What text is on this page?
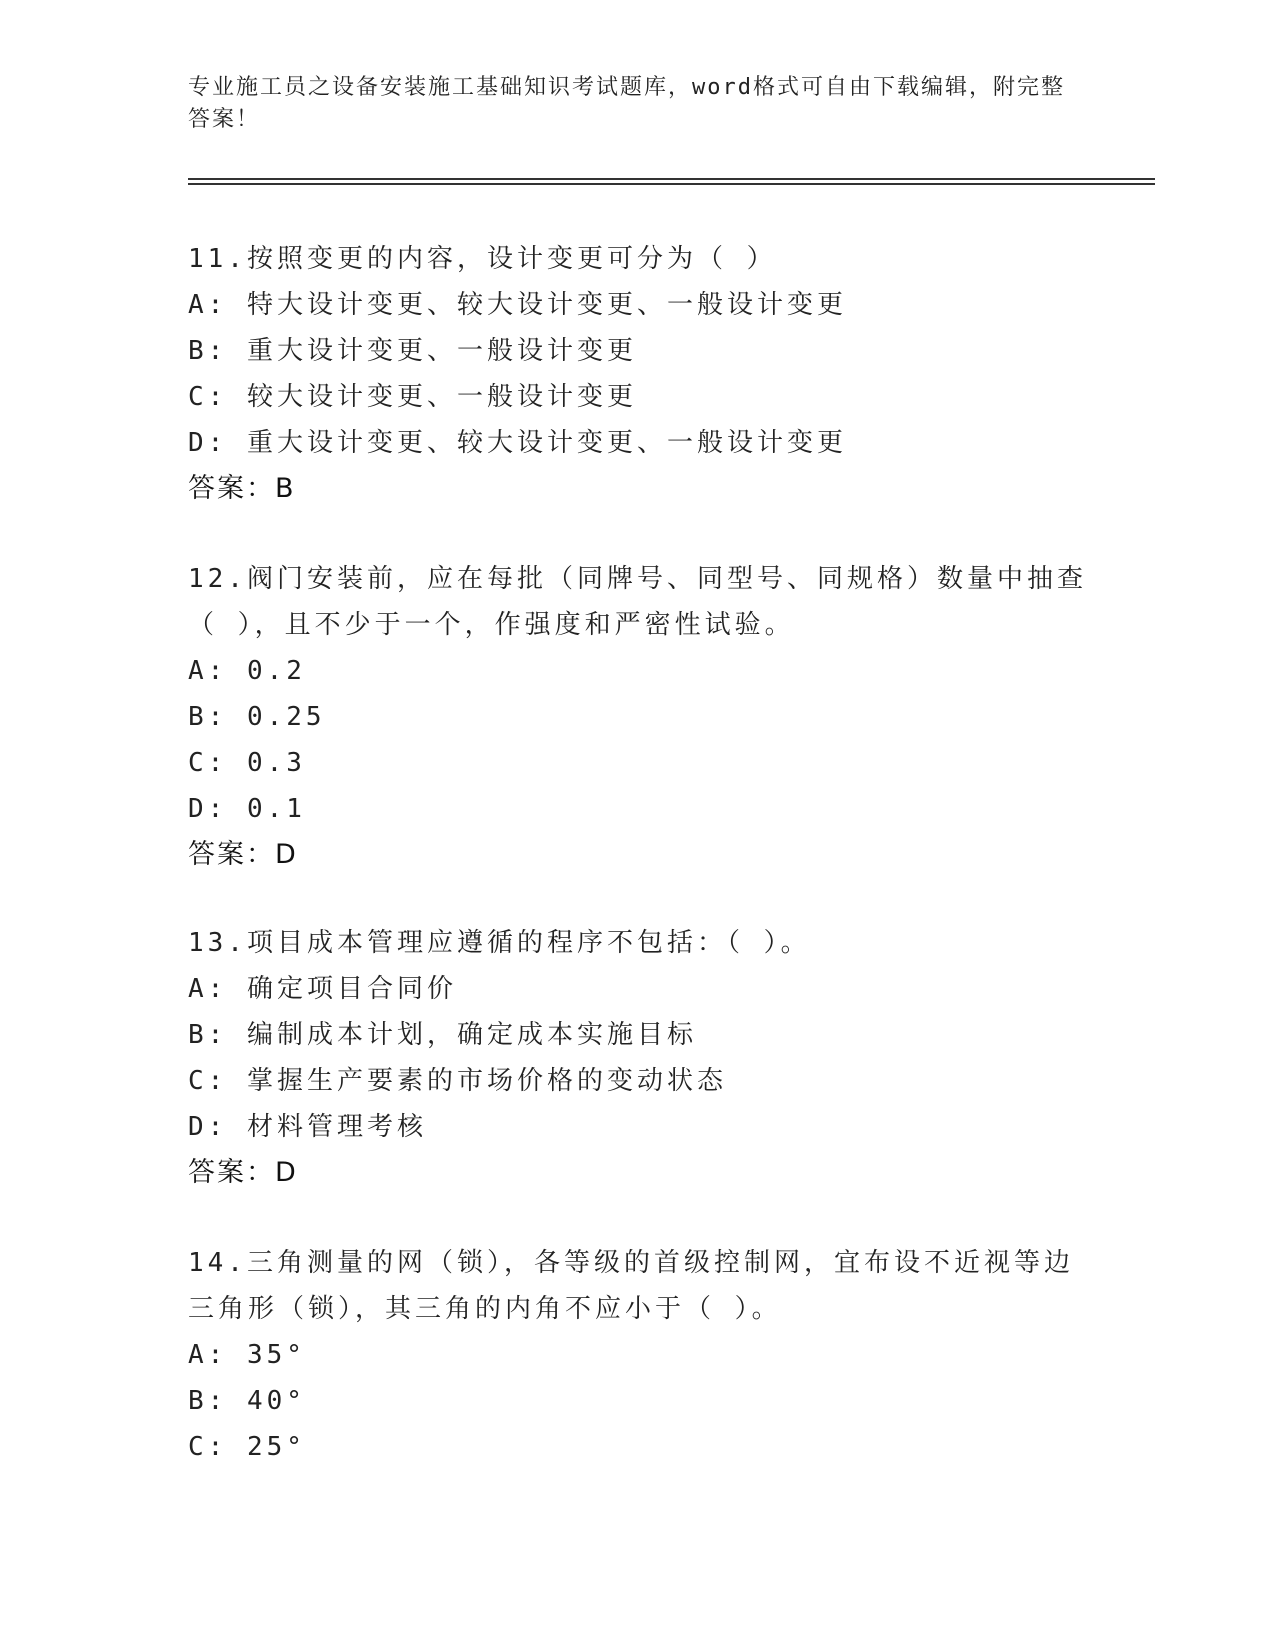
专业施工员之设备安装施工基础知识考试题库，word格式可自由下载编辑，附完整答案！

11.按照变更的内容，设计变更可分为（ ）

A: 特大设计变更、较大设计变更、一般设计变更

B: 重大设计变更、一般设计变更

C: 较大设计变更、一般设计变更

D: 重大设计变更、较大设计变更、一般设计变更

答案：B

12.阀门安装前，应在每批（同牌号、同型号、同规格）数量中抽查（ ），且不少于一个，作强度和严密性试验。

A: 0.2

B: 0.25

C: 0.3

D: 0.1

答案：D

13.项目成本管理应遵循的程序不包括：（ ）。

A: 确定项目合同价

B: 编制成本计划，确定成本实施目标

C: 掌握生产要素的市场价格的变动状态

D: 材料管理考核

答案：D

14.三角测量的网（锁），各等级的首级控制网，宜布设不近视等边三角形（锁），其三角的内角不应小于（ ）。

A: 35°

B: 40°

C: 25°
